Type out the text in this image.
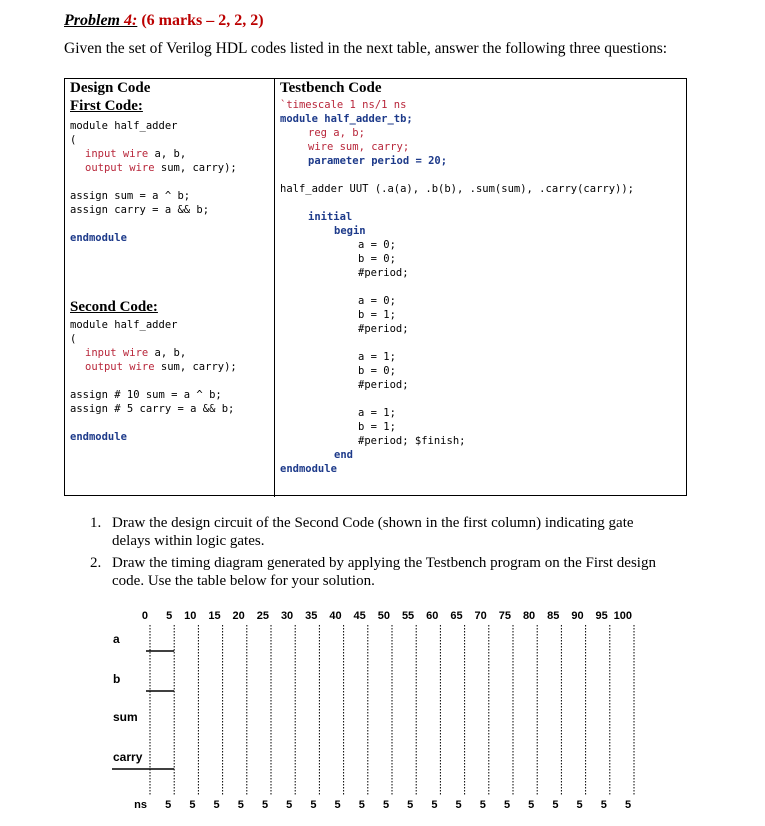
Problem 4: (6 marks – 2, 2, 2)
Given the set of Verilog HDL codes listed in the next table, answer the following three questions:
Design Code
First Code:
module half_adder
(
input wire a, b,
output wire sum, carry);
assign sum = a ^ b;
assign carry = a && b;
endmodule
Second Code:
module half_adder
(
input wire a, b,
output wire sum, carry);
assign # 10 sum = a ^ b;
assign # 5 carry = a && b;
endmodule
Testbench Code
`timescale 1 ns/1 ns
module half_adder_tb;
reg a, b;
wire sum, carry;
parameter period = 20;
half_adder UUT (.a(a), .b(b), .sum(sum), .carry(carry));
initial
begin
a = 0;
b = 0;
#period;
a = 0;
b = 1;
#period;
a = 1;
b = 0;
#period;
a = 1;
b = 1;
#period; $finish;
end
endmodule
1. Draw the design circuit of the Second Code (shown in the first column) indicating gate
delays within logic gates.
2. Draw the timing diagram generated by applying the Testbench program on the First design
code. Use the table below for your solution.
0 5 10 15 20 25 30 35 40 45 50 55 60 65 70 75 80 85 90 95 100
a
b
sum
carry
ns 5 5 5 5 5 5 5 5 5 5 5 5 5 5 5 5 5 5 5 5
